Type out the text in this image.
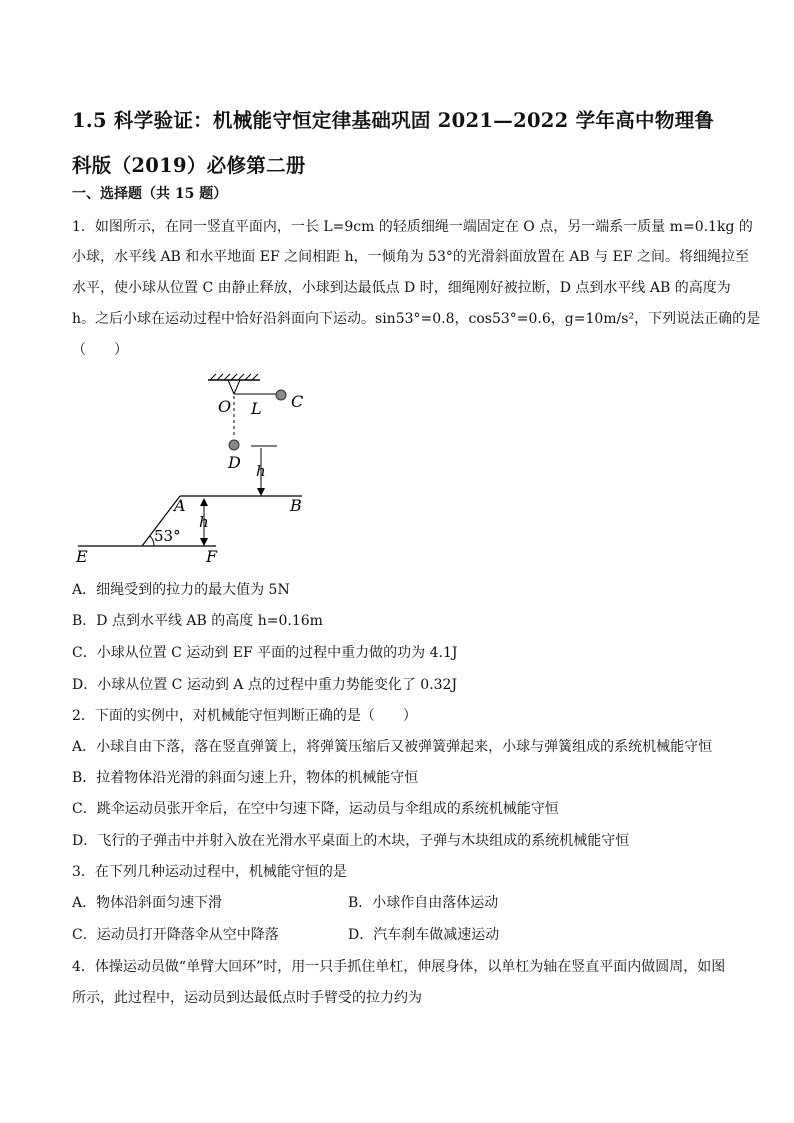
1.5 科学验证：机械能守恒定律基础巩固 2021—2022 学年高中物理鲁
科版（2019）必修第二册
一、选择题（共 15 题）
1．如图所示，在同一竖直平面内，一长 L=9cm 的轻质细绳一端固定在 O 点，另一端系一质量 m=0.1kg 的
小球，水平线 AB 和水平地面 EF 之间相距 h，一倾角为 53°的光滑斜面放置在 AB 与 EF 之间。将细绳拉至
水平，使小球从位置 C 由静止释放，小球到达最低点 D 时，细绳刚好被拉断，D 点到水平线 AB 的高度为
h。之后小球在运动过程中恰好沿斜面向下运动。sin53°=0.8，cos53°=0.6，g=10m/s²，下列说法正确的是
（　　）
C
O L
D h
A	B
h
53°
E	F
A．细绳受到的拉力的最大值为 5N
B．D 点到水平线 AB 的高度 h=0.16m
C．小球从位置 C 运动到 EF 平面的过程中重力做的功为 4.1J
D．小球从位置 C 运动到 A 点的过程中重力势能变化了 0.32J
2．下面的实例中，对机械能守恒判断正确的是（　　）
A．小球自由下落，落在竖直弹簧上，将弹簧压缩后又被弹簧弹起来，小球与弹簧组成的系统机械能守恒
B．拉着物体沿光滑的斜面匀速上升，物体的机械能守恒
C．跳伞运动员张开伞后，在空中匀速下降，运动员与伞组成的系统机械能守恒
D．飞行的子弹击中并射入放在光滑水平桌面上的木块，子弹与木块组成的系统机械能守恒
3．在下列几种运动过程中，机械能守恒的是
A．物体沿斜面匀速下滑	B．小球作自由落体运动
C．运动员打开降落伞从空中降落	D．汽车刹车做减速运动
4．体操运动员做“单臂大回环”时，用一只手抓住单杠，伸展身体，以单杠为轴在竖直平面内做圆周，如图
所示，此过程中，运动员到达最低点时手臂受的拉力约为
